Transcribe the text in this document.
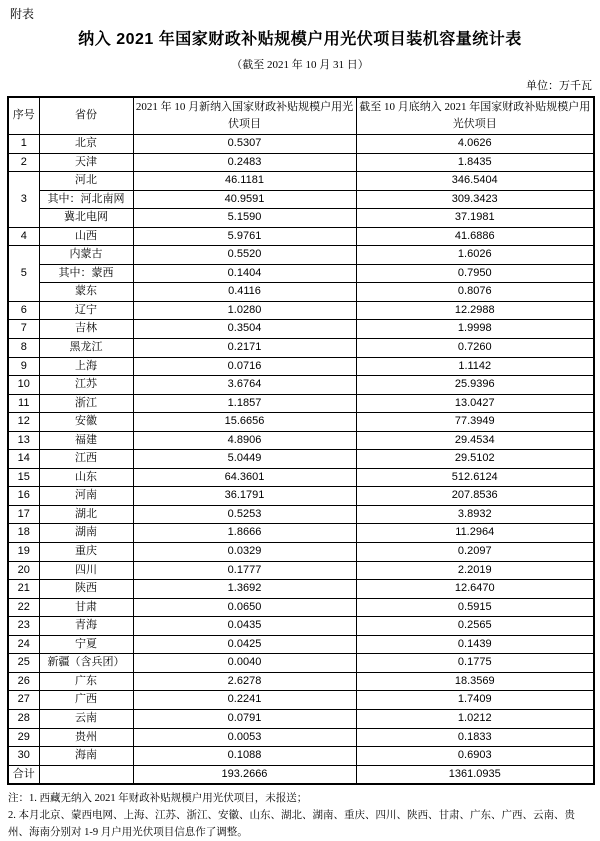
附表
纳入 2021 年国家财政补贴规模户用光伏项目装机容量统计表
（截至 2021 年 10 月 31 日）
单位：万千瓦
序号	省份	2021 年 10 月新纳入国家财政补贴规模户用光伏项目	截至 10 月底纳入 2021 年国家财政补贴规模户用光伏项目
1	北京	0.5307	4.0626
2	天津	0.2483	1.8435
3	河北	46.1181	346.5404
	其中：河北南网	40.9591	309.3423
	冀北电网	5.1590	37.1981
4	山西	5.9761	41.6886
5	内蒙古	0.5520	1.6026
	其中：蒙西	0.1404	0.7950
	蒙东	0.4116	0.8076
6	辽宁	1.0280	12.2988
7	吉林	0.3504	1.9998
8	黑龙江	0.2171	0.7260
9	上海	0.0716	1.1142
10	江苏	3.6764	25.9396
11	浙江	1.1857	13.0427
12	安徽	15.6656	77.3949
13	福建	4.8906	29.4534
14	江西	5.0449	29.5102
15	山东	64.3601	512.6124
16	河南	36.1791	207.8536
17	湖北	0.5253	3.8932
18	湖南	1.8666	11.2964
19	重庆	0.0329	0.2097
20	四川	0.1777	2.2019
21	陕西	1.3692	12.6470
22	甘肃	0.0650	0.5915
23	青海	0.0435	0.2565
24	宁夏	0.0425	0.1439
25	新疆（含兵团）	0.0040	0.1775
26	广东	2.6278	18.3569
27	广西	0.2241	1.7409
28	云南	0.0791	1.0212
29	贵州	0.0053	0.1833
30	海南	0.1088	0.6903
合计		193.2666	1361.0935

注：1. 西藏无纳入 2021 年财政补贴规模户用光伏项目，未报送；

2. 本月北京、蒙西电网、上海、江苏、浙江、安徽、山东、湖北、湖南、重庆、四川、陕西、甘肃、广东、广西、云南、贵州、海南分别对 1-9 月户用光伏项目信息作了调整。
